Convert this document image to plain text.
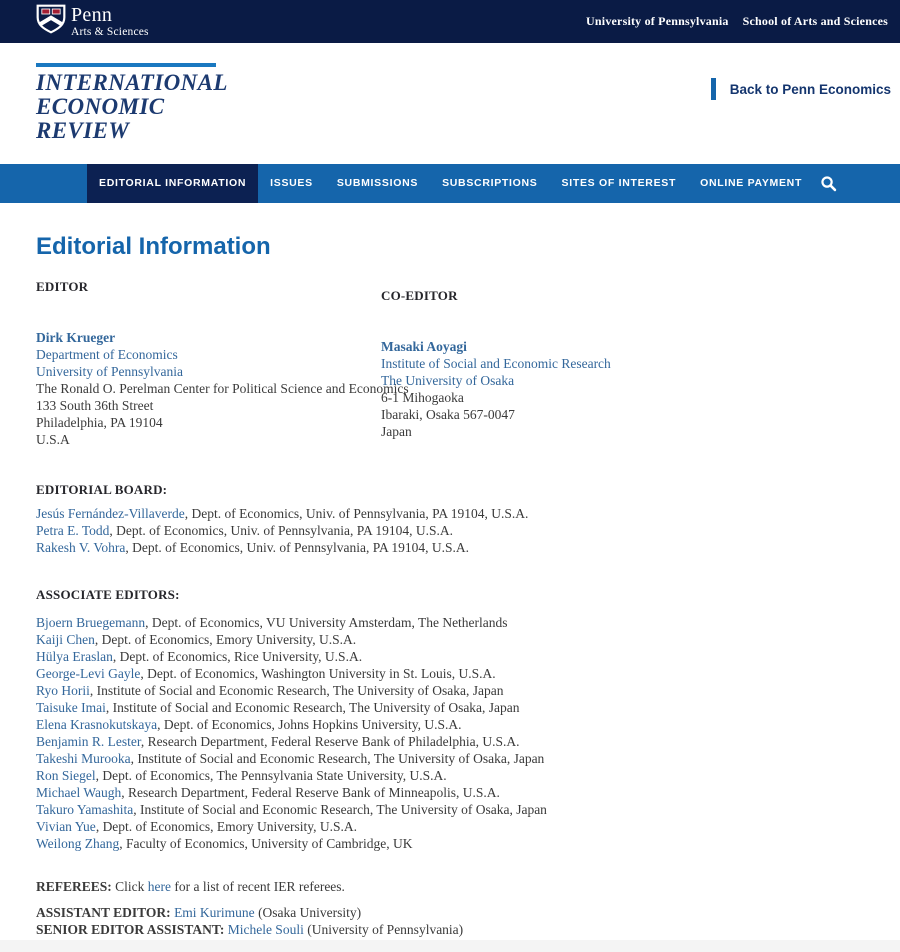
Penn
Arts & Sciences
University of Pennsylvania School of Arts and Sciences
INTERNATIONAL
ECONOMIC
REVIEW
Back to Penn Economics
EDITORIAL INFORMATION	ISSUES	SUBMISSIONS	SUBSCRIPTIONS	SITES OF INTEREST	ONLINE PAYMENT
Editorial Information
EDITOR
Dirk Krueger
Department of Economics
University of Pennsylvania
The Ronald O. Perelman Center for Political Science and Economics
133 South 36th Street
Philadelphia, PA 19104
U.S.A
CO-EDITOR
Masaki Aoyagi
Institute of Social and Economic Research
The University of Osaka
6-1 Mihogaoka
Ibaraki, Osaka 567-0047
Japan
EDITORIAL BOARD:
Jesús Fernández-Villaverde, Dept. of Economics, Univ. of Pennsylvania, PA 19104, U.S.A.
Petra E. Todd, Dept. of Economics, Univ. of Pennsylvania, PA 19104, U.S.A.
Rakesh V. Vohra, Dept. of Economics, Univ. of Pennsylvania, PA 19104, U.S.A.
ASSOCIATE EDITORS:
Bjoern Bruegemann, Dept. of Economics, VU University Amsterdam, The Netherlands
Kaiji Chen, Dept. of Economics, Emory University, U.S.A.
Hülya Eraslan, Dept. of Economics, Rice University, U.S.A.
George-Levi Gayle, Dept. of Economics, Washington University in St. Louis, U.S.A.
Ryo Horii, Institute of Social and Economic Research, The University of Osaka, Japan
Taisuke Imai, Institute of Social and Economic Research, The University of Osaka, Japan
Elena Krasnokutskaya, Dept. of Economics, Johns Hopkins University, U.S.A.
Benjamin R. Lester, Research Department, Federal Reserve Bank of Philadelphia, U.S.A.
Takeshi Murooka, Institute of Social and Economic Research, The University of Osaka, Japan
Ron Siegel, Dept. of Economics, The Pennsylvania State University, U.S.A.
Michael Waugh, Research Department, Federal Reserve Bank of Minneapolis, U.S.A.
Takuro Yamashita, Institute of Social and Economic Research, The University of Osaka, Japan
Vivian Yue, Dept. of Economics, Emory University, U.S.A.
Weilong Zhang, Faculty of Economics, University of Cambridge, UK

REFEREES: Click here for a list of recent IER referees.

ASSISTANT EDITOR: Emi Kurimune (Osaka University)

SENIOR EDITOR ASSISTANT: Michele Souli (University of Pennsylvania)
